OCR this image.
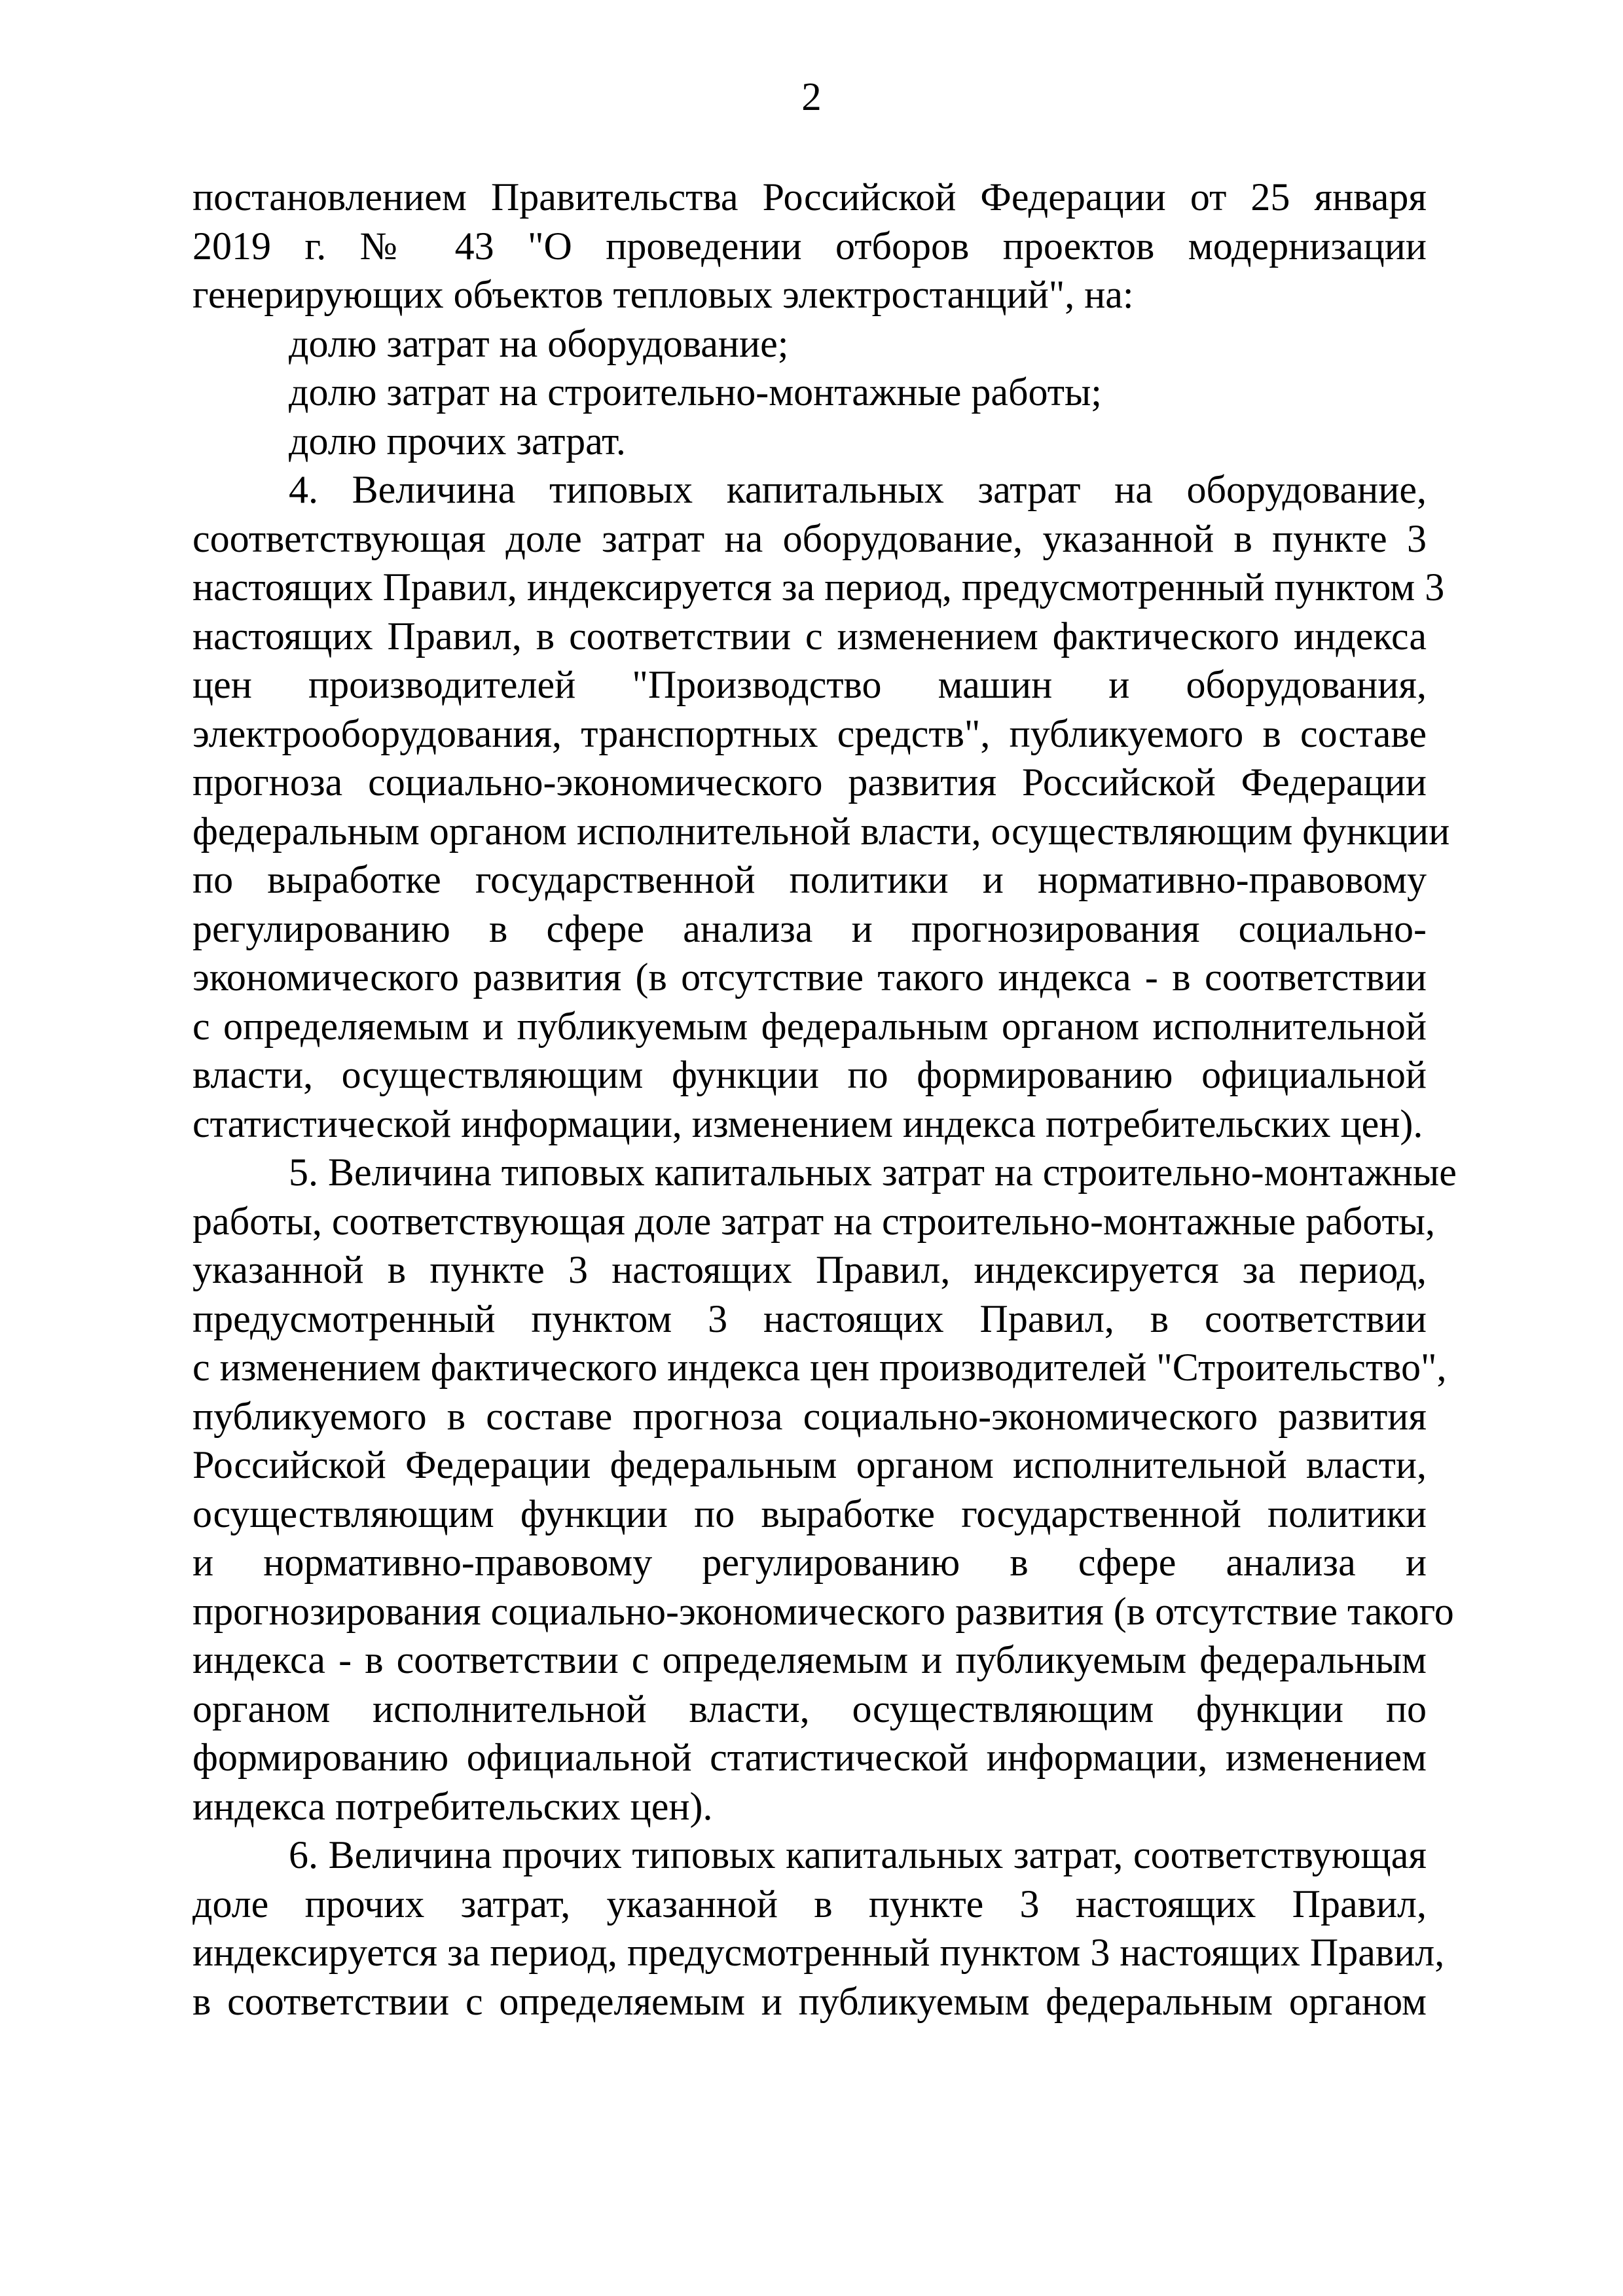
2
постановлением Правительства Российской Федерации от 25 января
2019 г. № 43 "О проведении отборов проектов модернизации
генерирующих объектов тепловых электростанций", на:
долю затрат на оборудование;
долю затрат на строительно-монтажные работы;
долю прочих затрат.
4. Величина типовых капитальных затрат на оборудование,
соответствующая доле затрат на оборудование, указанной в пункте 3
настоящих Правил, индексируется за период, предусмотренный пунктом 3
настоящих Правил, в соответствии с изменением фактического индекса
цен производителей "Производство машин и оборудования,
электрооборудования, транспортных средств", публикуемого в составе
прогноза социально-экономического развития Российской Федерации
федеральным органом исполнительной власти, осуществляющим функции
по выработке государственной политики и нормативно-правовому
регулированию в сфере анализа и прогнозирования социально-
экономического развития (в отсутствие такого индекса - в соответствии
с определяемым и публикуемым федеральным органом исполнительной
власти, осуществляющим функции по формированию официальной
статистической информации, изменением индекса потребительских цен).
5. Величина типовых капитальных затрат на строительно-монтажные
работы, соответствующая доле затрат на строительно-монтажные работы,
указанной в пункте 3 настоящих Правил, индексируется за период,
предусмотренный пунктом 3 настоящих Правил, в соответствии
с изменением фактического индекса цен производителей "Строительство",
публикуемого в составе прогноза социально-экономического развития
Российской Федерации федеральным органом исполнительной власти,
осуществляющим функции по выработке государственной политики
и нормативно-правовому регулированию в сфере анализа и
прогнозирования социально-экономического развития (в отсутствие такого
индекса - в соответствии с определяемым и публикуемым федеральным
органом исполнительной власти, осуществляющим функции по
формированию официальной статистической информации, изменением
индекса потребительских цен).
6. Величина прочих типовых капитальных затрат, соответствующая
доле прочих затрат, указанной в пункте 3 настоящих Правил,
индексируется за период, предусмотренный пунктом 3 настоящих Правил,
в соответствии с определяемым и публикуемым федеральным органом
